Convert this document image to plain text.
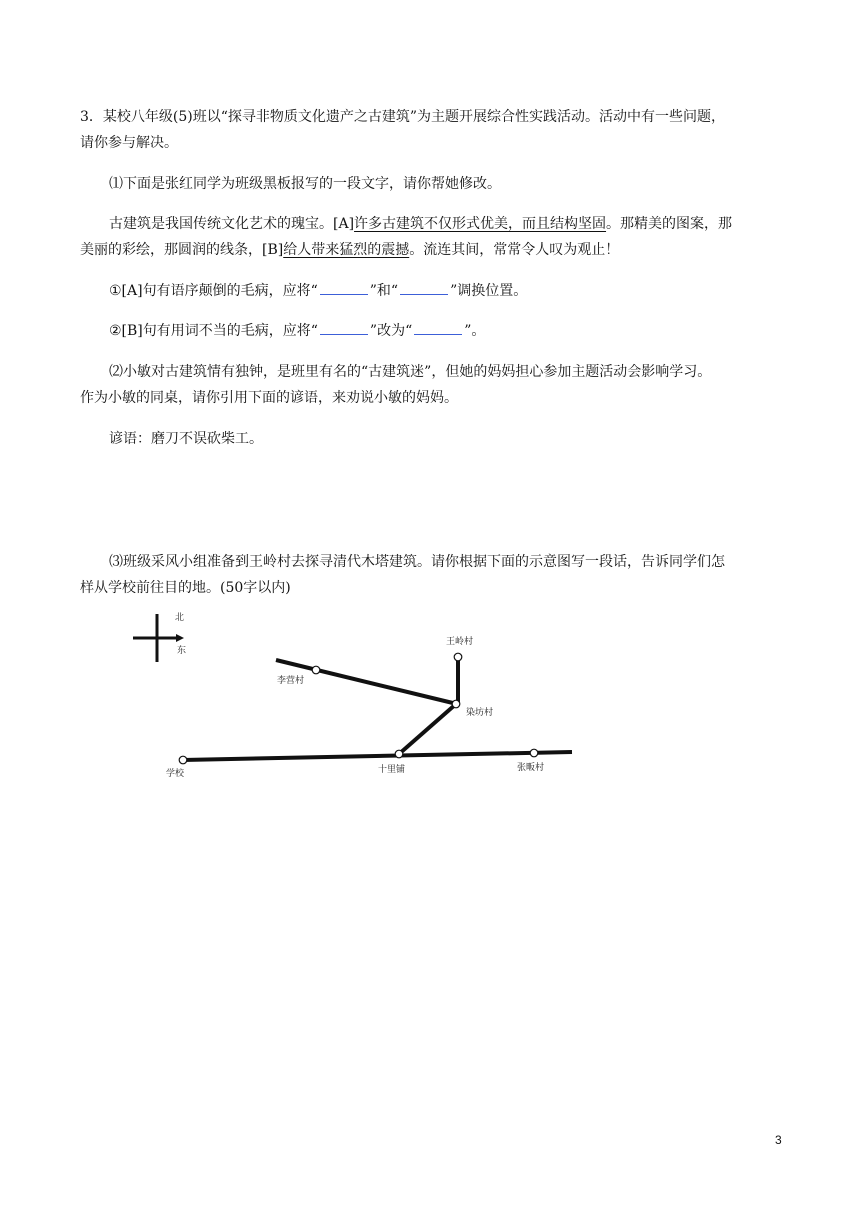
3．某校八年级(5)班以“探寻非物质文化遗产之古建筑”为主题开展综合性实践活动。活动中有一些问题，
请你参与解决。
⑴下面是张红同学为班级黑板报写的一段文字，请你帮她修改。
古建筑是我国传统文化艺术的瑰宝。[A]许多古建筑不仅形式优美，而且结构坚固。那精美的图案，那
美丽的彩绘，那圆润的线条，[B]给人带来猛烈的震撼。流连其间，常常令人叹为观止！
①[A]句有语序颠倒的毛病，应将“	”和“	”调换位置。
②[B]句有用词不当的毛病，应将“	”改为“	”。
⑵小敏对古建筑情有独钟，是班里有名的“古建筑迷”，但她的妈妈担心参加主题活动会影响学习。
作为小敏的同桌，请你引用下面的谚语，来劝说小敏的妈妈。
谚语：磨刀不误砍柴工。
⑶班级采风小组准备到王岭村去探寻清代木塔建筑。请你根据下面的示意图写一段话，告诉同学们怎
样从学校前往目的地。(50字以内)
北
东
王岭村
李营村
染坊村
学校	十里铺	张畈村
3
